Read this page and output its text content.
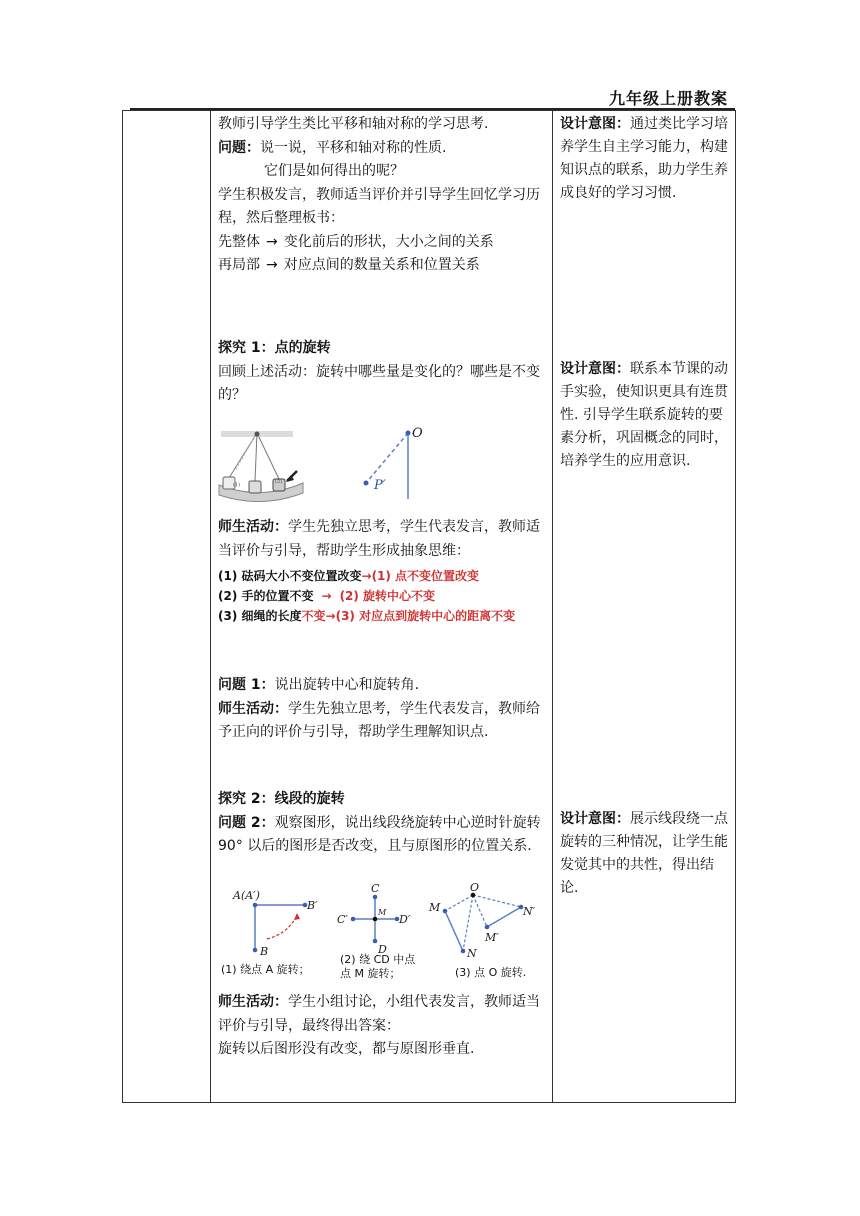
九年级上册教案
教师引导学生类比平移和轴对称的学习思考.
问题：说一说，平移和轴对称的性质.
它们是如何得出的呢？
学生积极发言，教师适当评价并引导学生回忆学习历程，然后整理板书：
先整体 → 变化前后的形状，大小之间的关系
再局部 → 对应点间的数量关系和位置关系
设计意图：通过类比学习培养学生自主学习能力，构建知识点的联系，助力学生养成良好的学习习惯.
探究 1：点的旋转
回顾上述活动：旋转中哪些量是变化的？哪些是不变的？
(1)	(2)
O
P′
师生活动：学生先独立思考，学生代表发言，教师适当评价与引导，帮助学生形成抽象思维：
(1) 砝码大小不变位置改变→(1) 点不变位置改变
(2) 手的位置不变 → (2) 旋转中心不变
(3) 细绳的长度不变→(3) 对应点到旋转中心的距离不变
问题 1：说出旋转中心和旋转角.
师生活动：学生先独立思考，学生代表发言，教师给予正向的评价与引导，帮助学生理解知识点.
设计意图：联系本节课的动手实验，使知识更具有连贯性. 引导学生联系旋转的要素分析，巩固概念的同时，培养学生的应用意识.
探究 2：线段的旋转
问题 2：观察图形，说出线段绕旋转中心逆时针旋转 90° 以后的图形是否改变，且与原图形的位置关系.
A(A′)
B′
B
(1) 绕点 A 旋转；
C
C′
M
D′
D
(2) 绕 CD 中点
点 M 旋转；
O
M	N′
M′
N
(3) 点 O 旋转.
师生活动：学生小组讨论，小组代表发言，教师适当评价与引导，最终得出答案：
旋转以后图形没有改变，都与原图形垂直.
设计意图：展示线段绕一点旋转的三种情况，让学生能发觉其中的共性，得出结论.
